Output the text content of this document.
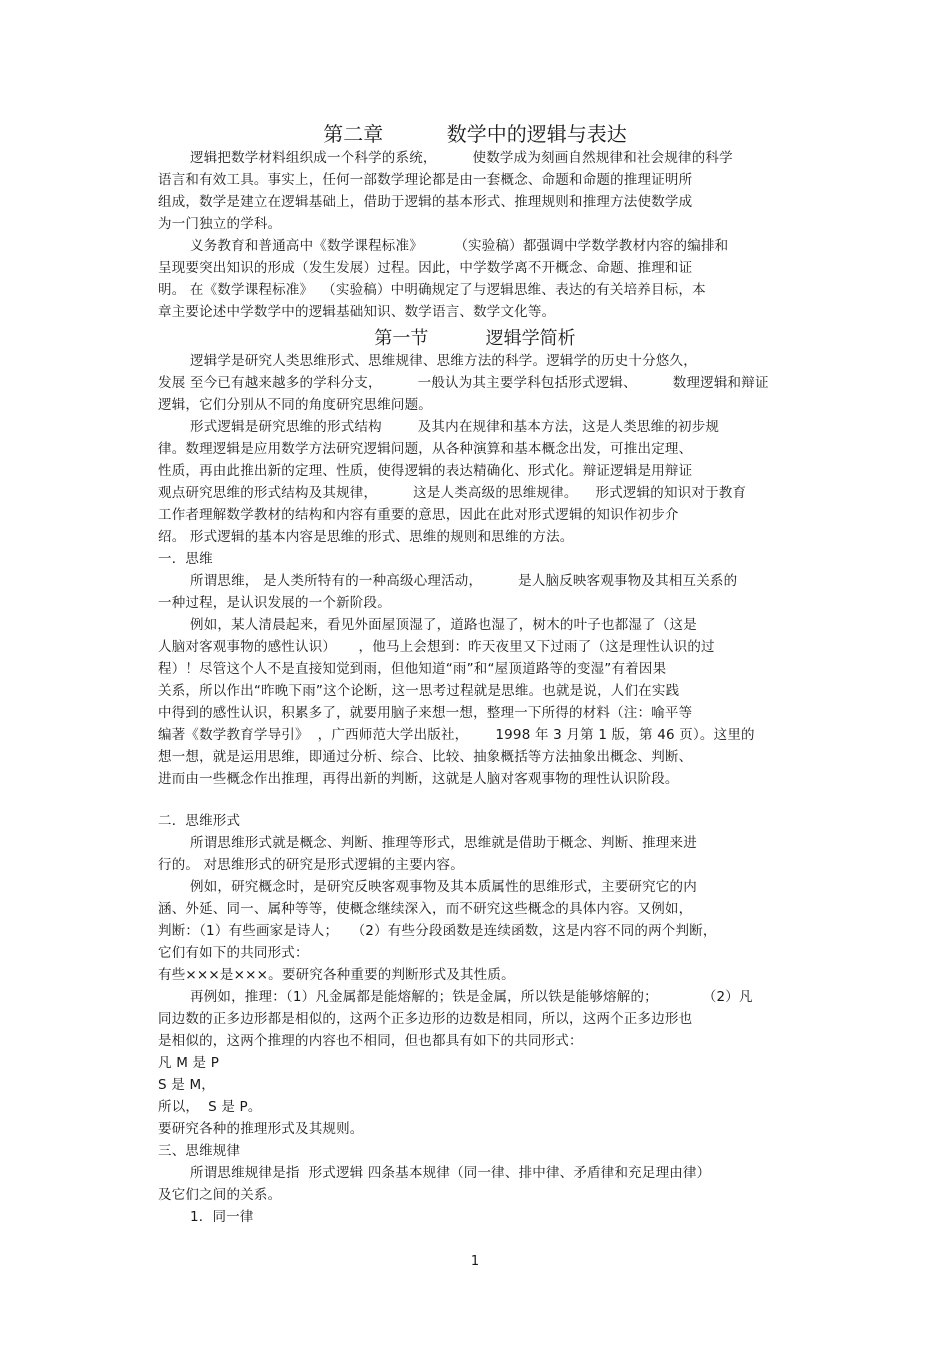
第二章          数学中的逻辑与表达
逻辑把数学材料组织成一个科学的系统，        使数学成为刻画自然规律和社会规律的科学
语言和有效工具。事实上，任何一部数学理论都是由一套概念、命题和命题的推理证明所
组成，数学是建立在逻辑基础上，借助于逻辑的基本形式、推理规则和推理方法使数学成
为一门独立的学科。
义务教育和普通高中《数学课程标准》       （实验稿）都强调中学数学教材内容的编排和
呈现要突出知识的形成（发生发展）过程。因此，中学数学离不开概念、命题、推理和证
明。 在《数学课程标准》  （实验稿）中明确规定了与逻辑思维、表达的有关培养目标，本
章主要论述中学数学中的逻辑基础知识、数学语言、数学文化等。
第一节          逻辑学简析
逻辑学是研究人类思维形式、思维规律、思维方法的科学。逻辑学的历史十分悠久，
发展 至今已有越来越多的学科分支，        一般认为其主要学科包括形式逻辑、        数理逻辑和辩证
逻辑，它们分别从不同的角度研究思维问题。
形式逻辑是研究思维的形式结构        及其内在规律和基本方法，这是人类思维的初步规
律。数理逻辑是应用数学方法研究逻辑问题，从各种演算和基本概念出发，可推出定理、
性质，再由此推出新的定理、性质，使得逻辑的表达精确化、形式化。辩证逻辑是用辩证
观点研究思维的形式结构及其规律，        这是人类高级的思维规律。    形式逻辑的知识对于教育
工作者理解数学教材的结构和内容有重要的意思，因此在此对形式逻辑的知识作初步介
绍。 形式逻辑的基本内容是思维的形式、思维的规则和思维的方法。
一．思维
所谓思维， 是人类所特有的一种高级心理活动，        是人脑反映客观事物及其相互关系的
一种过程，是认识发展的一个新阶段。
例如，某人清晨起来，看见外面屋顶湿了，道路也湿了，树木的叶子也都湿了（这是
人脑对客观事物的感性认识）     ，他马上会想到：昨天夜里又下过雨了（这是理性认识的过
程）！尽管这个人不是直接知觉到雨，但他知道“雨”和“屋顶道路等的变湿”有着因果
关系，所以作出“昨晚下雨”这个论断，这一思考过程就是思维。也就是说，人们在实践
中得到的感性认识，积累多了，就要用脑子来想一想，整理一下所得的材料（注：喻平等
编著《数学教育学导引》  ，广西师范大学出版社，      1998 年 3 月第 1 版，第 46 页）。这里的
想一想，就是运用思维，即通过分析、综合、比较、抽象概括等方法抽象出概念、判断、
进而由一些概念作出推理，再得出新的判断，这就是人脑对客观事物的理性认识阶段。
二．思维形式
所谓思维形式就是概念、判断、推理等形式，思维就是借助于概念、判断、推理来进
行的。 对思维形式的研究是形式逻辑的主要内容。
例如，研究概念时，是研究反映客观事物及其本质属性的思维形式，主要研究它的内
涵、外延、同一、属种等等，使概念继续深入，而不研究这些概念的具体内容。又例如，
判断：（1）有些画家是诗人；   （2）有些分段函数是连续函数，这是内容不同的两个判断，
它们有如下的共同形式：
有些×××是×××。要研究各种重要的判断形式及其性质。
再例如，推理：（1）凡金属都是能熔解的；铁是金属，所以铁是能够熔解的；          （2）凡
同边数的正多边形都是相似的，这两个正多边形的边数是相同，所以，这两个正多边形也
是相似的，这两个推理的内容也不相同，但也都具有如下的共同形式：
凡 M 是 P
S 是 M，
所以，  S 是 P。
要研究各种的推理形式及其规则。
三、思维规律
所谓思维规律是指  形式逻辑 四条基本规律（同一律、排中律、矛盾律和充足理由律）
及它们之间的关系。
1．同一律
1
